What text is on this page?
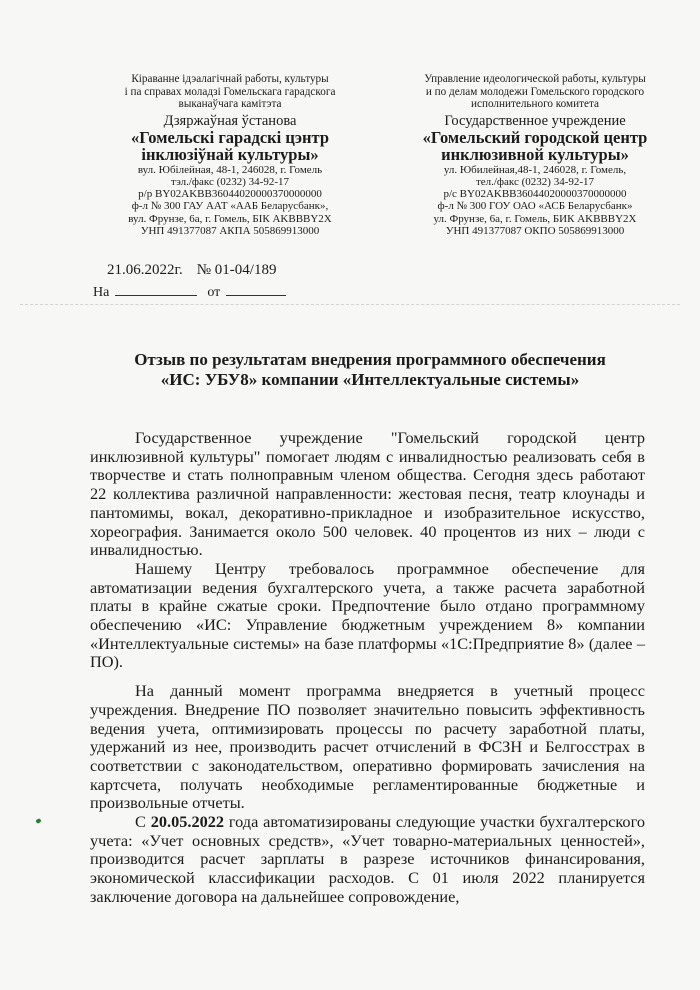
Кіраванне ідэалагічнай работы, культуры
і па справах моладзі Гомельскага гарадскога
выканаўчага камітэта
Дзяржаўная ўстанова
«Гомельскі гарадскі цэнтр
інклюзіўнай культуры»
вул. Юбілейная, 48-1, 246028, г. Гомель
тэл./факс (0232) 34-92-17
р/р BY02AKBB36044020000370000000
ф-л № 300 ГАУ ААТ «ААБ Беларусбанк»,
вул. Фрунзе, 6а, г. Гомель, БІК AKBBBY2X
УНП 491377087 АКПА 505869913000
Управление идеологической работы, культуры
и по делам молодежи Гомельского городского
исполнительного комитета
Государственное учреждение
«Гомельский городской центр
инклюзивной культуры»
ул. Юбилейная,48-1, 246028, г. Гомель,
тел./факс (0232) 34-92-17
р/с BY02AKBB36044020000370000000
ф-л № 300 ГОУ ОАО «АСБ Беларусбанк»
ул. Фрунзе, 6а, г. Гомель, БИК AKBBBY2X
УНП 491377087 ОКПО 505869913000
21.06.2022г. № 01-04/189
На	от
Отзыв по результатам внедрения программного обеспечения
«ИС: УБУ8» компании «Интеллектуальные системы»

Государственное учреждение "Гомельский городской центр инклюзивной культуры" помогает людям с инвалидностью реализовать себя в творчестве и стать полноправным членом общества. Сегодня здесь работают 22 коллектива различной направленности: жестовая песня, театр клоунады и пантомимы, вокал, декоративно-прикладное и изобразительное искусство, хореография. Занимается около 500 человек. 40 процентов из них – люди с инвалидностью.

Нашему Центру требовалось программное обеспечение для автоматизации ведения бухгалтерского учета, а также расчета заработной платы в крайне сжатые сроки. Предпочтение было отдано программному обеспечению «ИС: Управление бюджетным учреждением 8» компании «Интеллектуальные системы» на базе платформы «1С:Предприятие 8» (далее – ПО).

На данный момент программа внедряется в учетный процесс учреждения. Внедрение ПО позволяет значительно повысить эффективность ведения учета, оптимизировать процессы по расчету заработной платы, удержаний из нее, производить расчет отчислений в ФСЗН и Белгосстрах в соответствии с законодательством, оперативно формировать зачисления на картсчета, получать необходимые регламентированные бюджетные и произвольные отчеты.

С 20.05.2022 года автоматизированы следующие участки бухгалтерского учета: «Учет основных средств», «Учет товарно-материальных ценностей», производится расчет зарплаты в разрезе источников финансирования, экономической классификации расходов. С 01 июля 2022 планируется заключение договора на дальнейшее сопровождение,
